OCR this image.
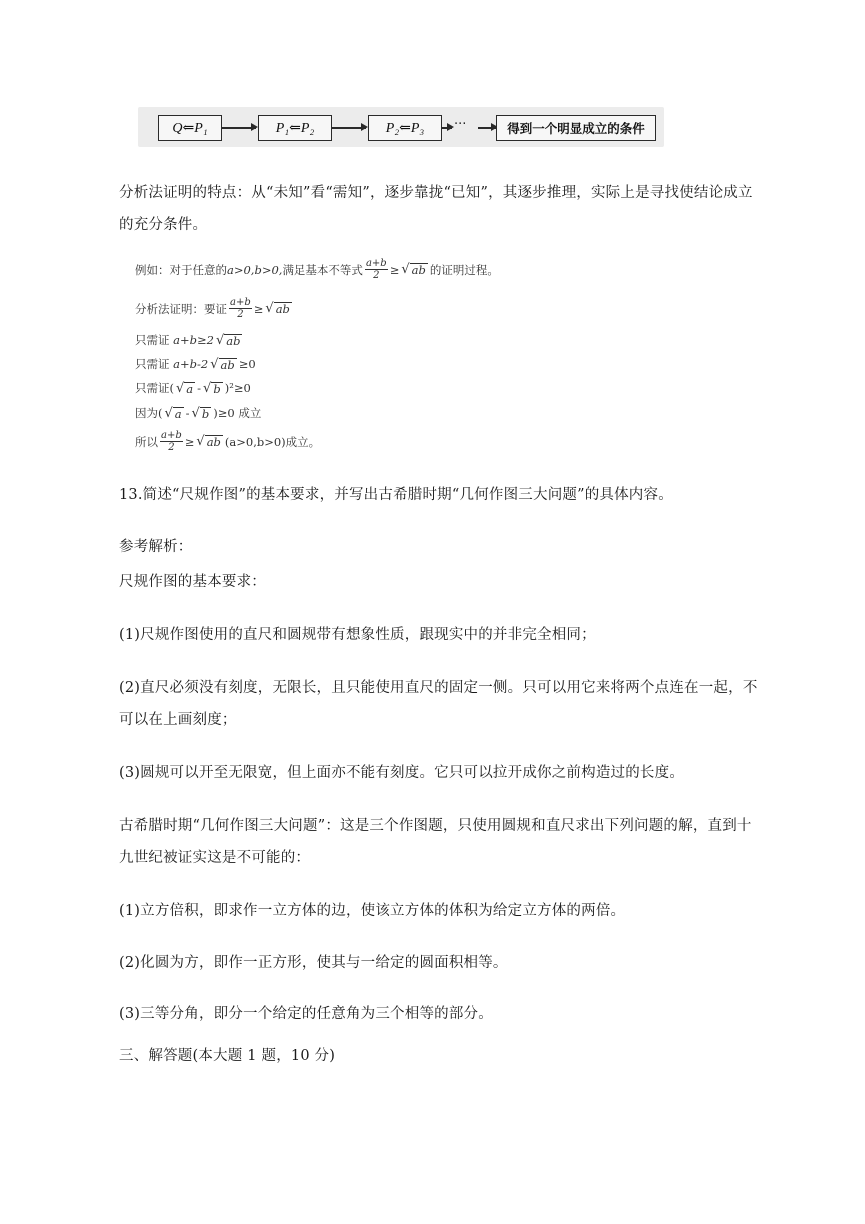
Q⇐P₁	P₁⇐P₂	P₂⇐P₃	···	得到一个明显成立的条件
分析法证明的特点：从“未知”看“需知”，逐步靠拢“已知”，其逐步推理，实际上是寻找使结论成立的充分条件。
例如：对于任意的 a>0,b>0, 满足基本不等式 $\frac{a+b}{2}$ ≥ √ ab 的证明过程。
分析法证明：要证 $\frac{a+b}{2}$ ≥ √ ab
只需证
a+b≥2 √ ab
只需证
a+b-2 √ ab ≥0
只需证( √ a - √ b )²≥0
因为( √ a - √ b )≥0 成立
所以 $\frac{a+b}{2}$ ≥ √ ab (a>0,b>0)成立。
13.简述“尺规作图”的基本要求，并写出古希腊时期“几何作图三大问题”的具体内容。
参考解析：
尺规作图的基本要求：
(1)尺规作图使用的直尺和圆规带有想象性质，跟现实中的并非完全相同；
(2)直尺必须没有刻度，无限长，且只能使用直尺的固定一侧。只可以用它来将两个点连在一起，不可以在上画刻度；
(3)圆规可以开至无限宽，但上面亦不能有刻度。它只可以拉开成你之前构造过的长度。
古希腊时期“几何作图三大问题”：这是三个作图题，只使用圆规和直尺求出下列问题的解，直到十九世纪被证实这是不可能的：
(1)立方倍积，即求作一立方体的边，使该立方体的体积为给定立方体的两倍。
(2)化圆为方，即作一正方形，使其与一给定的圆面积相等。
(3)三等分角，即分一个给定的任意角为三个相等的部分。
三、解答题(本大题 1 题，10 分)
